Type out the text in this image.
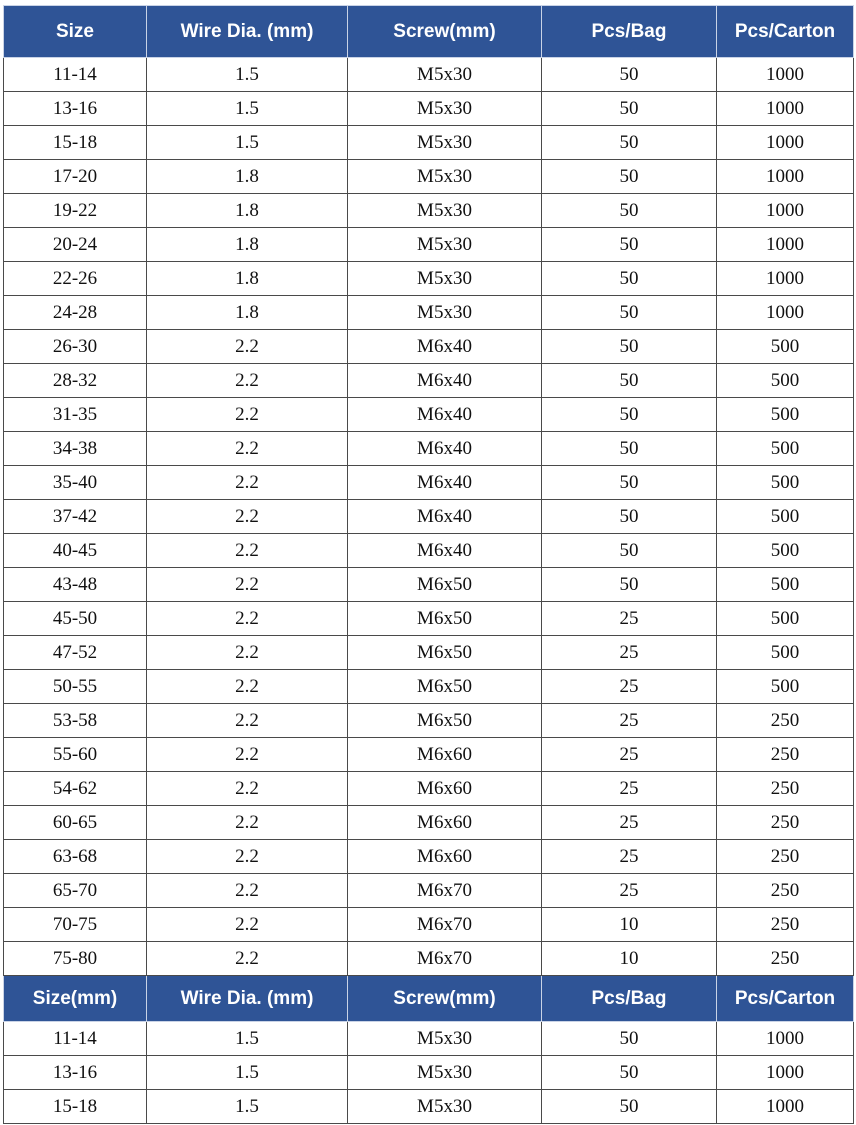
Size	Wire Dia. (mm)	Screw(mm)	Pcs/Bag	Pcs/Carton
11-14	1.5	M5x30	50	1000
13-16	1.5	M5x30	50	1000
15-18	1.5	M5x30	50	1000
17-20	1.8	M5x30	50	1000
19-22	1.8	M5x30	50	1000
20-24	1.8	M5x30	50	1000
22-26	1.8	M5x30	50	1000
24-28	1.8	M5x30	50	1000
26-30	2.2	M6x40	50	500
28-32	2.2	M6x40	50	500
31-35	2.2	M6x40	50	500
34-38	2.2	M6x40	50	500
35-40	2.2	M6x40	50	500
37-42	2.2	M6x40	50	500
40-45	2.2	M6x40	50	500
43-48	2.2	M6x50	50	500
45-50	2.2	M6x50	25	500
47-52	2.2	M6x50	25	500
50-55	2.2	M6x50	25	500
53-58	2.2	M6x50	25	250
55-60	2.2	M6x60	25	250
54-62	2.2	M6x60	25	250
60-65	2.2	M6x60	25	250
63-68	2.2	M6x60	25	250
65-70	2.2	M6x70	25	250
70-75	2.2	M6x70	10	250
75-80	2.2	M6x70	10	250
Size(mm)	Wire Dia. (mm)	Screw(mm)	Pcs/Bag	Pcs/Carton
11-14	1.5	M5x30	50	1000
13-16	1.5	M5x30	50	1000
15-18	1.5	M5x30	50	1000
